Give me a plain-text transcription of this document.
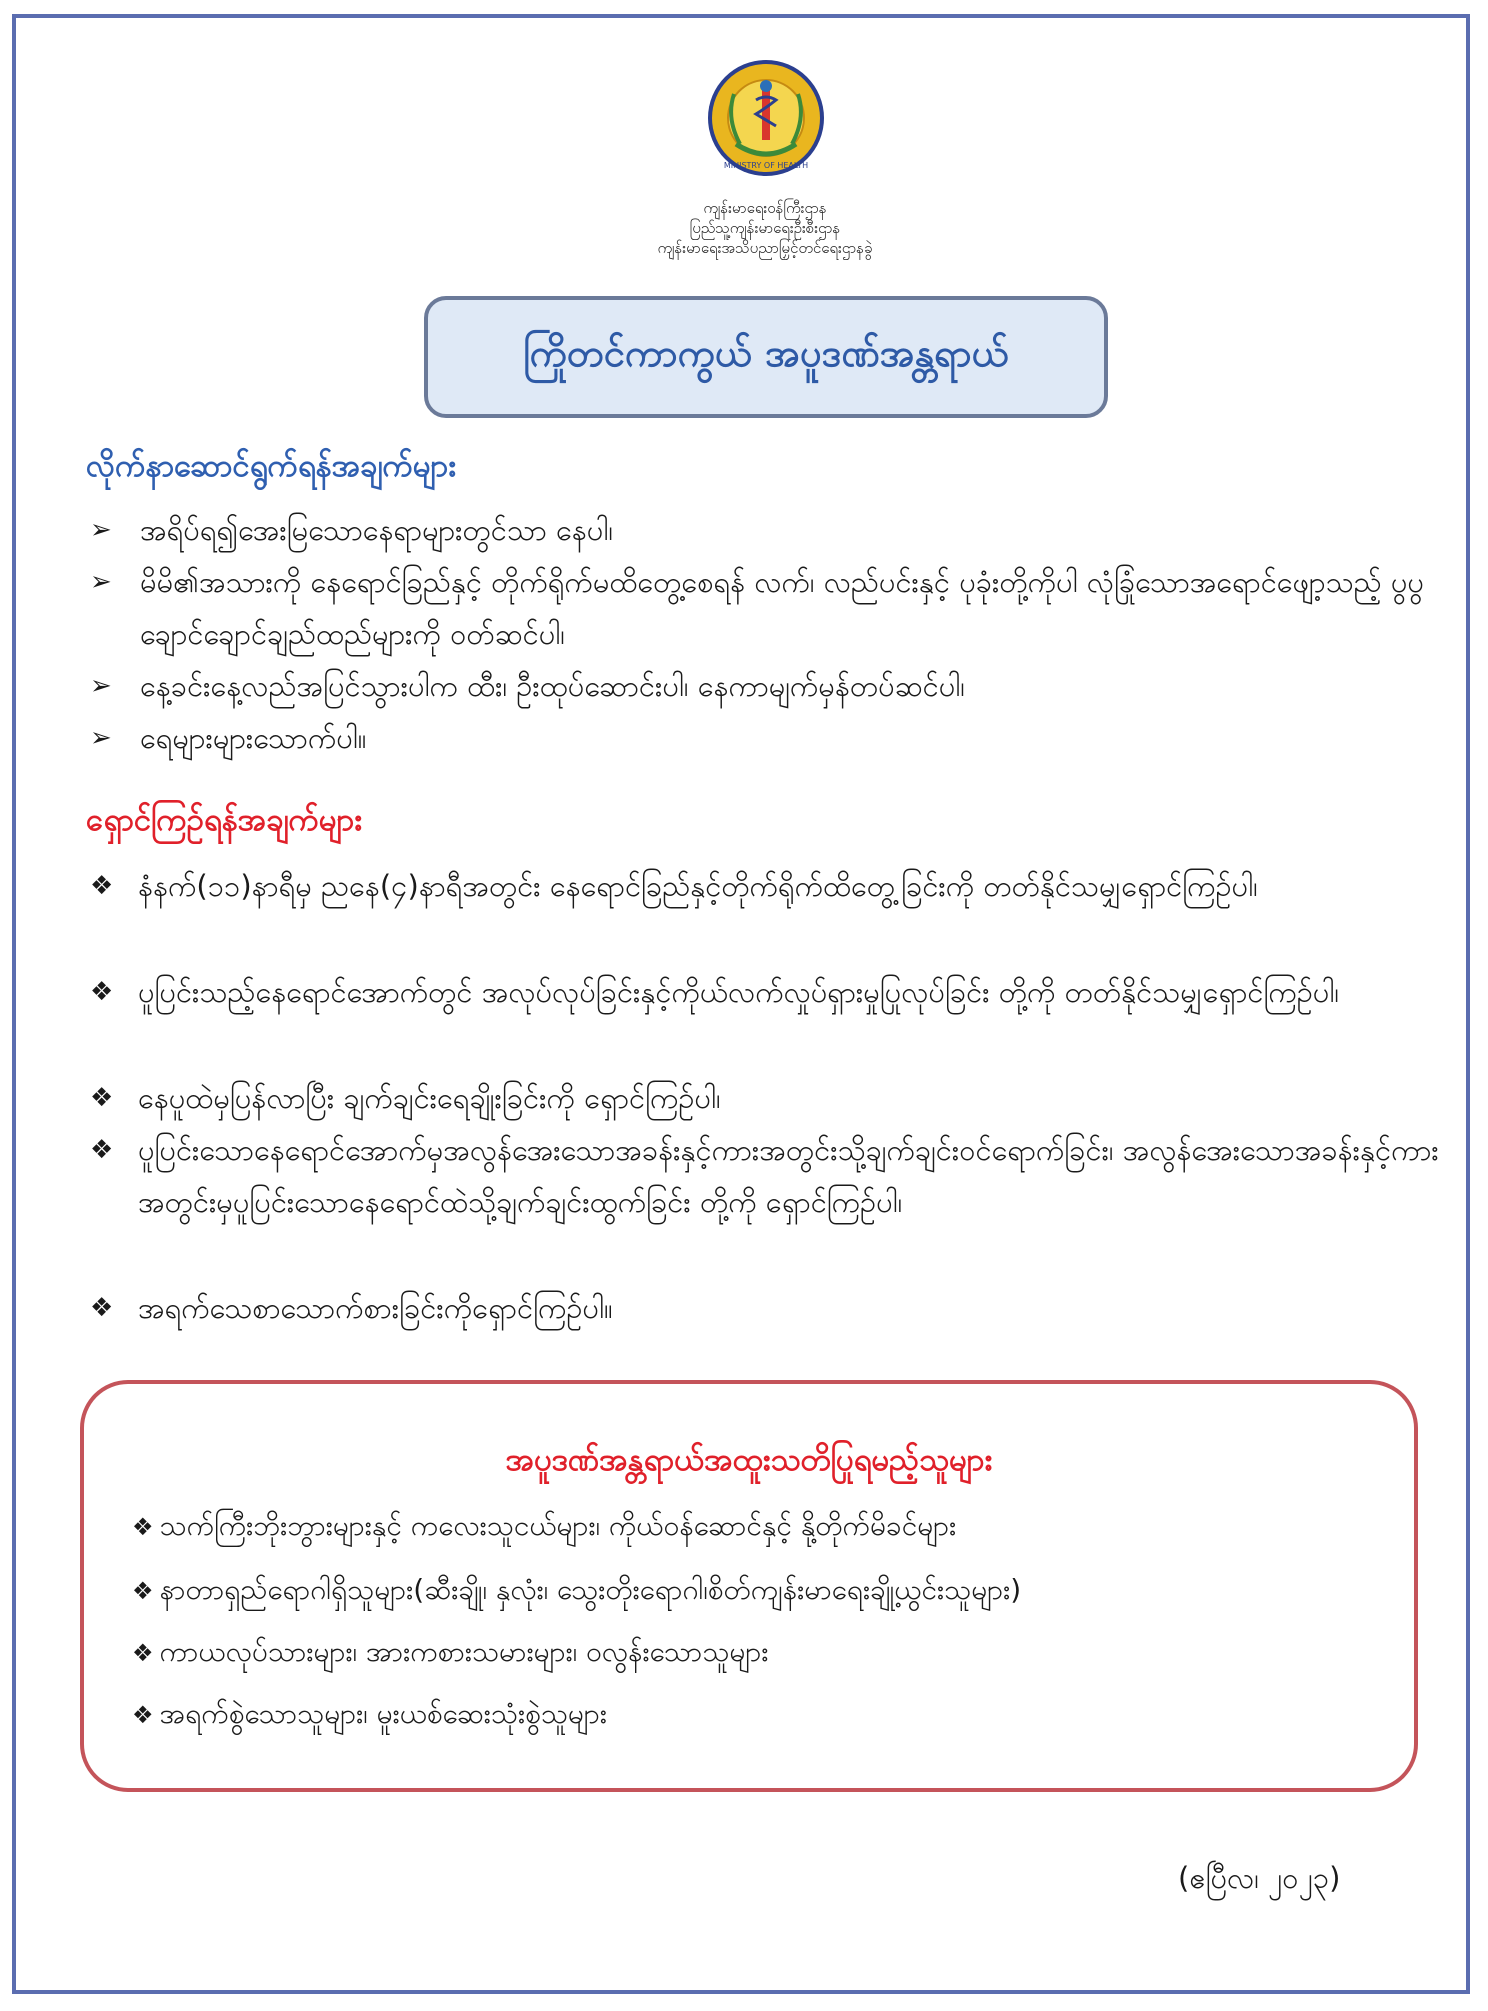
MINISTRY OF HEALTH
ကျန်းမာရေးဝန်ကြီးဌာန
ပြည်သူ့ကျန်းမာရေးဦးစီးဌာန
ကျန်းမာရေးအသိပညာမြှင့်တင်ရေးဌာနခွဲ
ကြိုတင်ကာကွယ် အပူဒဏ်အန္တရာယ်
လိုက်နာဆောင်ရွက်ရန်အချက်များ
➢ အရိပ်ရ၍အေးမြသောနေရာများတွင်သာ နေပါ၊
➢ မိမိ၏အသားကို နေရောင်ခြည်နှင့် တိုက်ရိုက်မထိတွေ့စေရန် လက်၊ လည်ပင်းနှင့် ပုခုံးတို့ကိုပါ လုံခြုံသောအရောင်ဖျော့သည့် ပွပွချောင်ချောင်ချည်ထည်များကို ဝတ်ဆင်ပါ၊
➢ နေ့ခင်းနေ့လည်အပြင်သွားပါက ထီး၊ ဦးထုပ်ဆောင်းပါ၊ နေကာမျက်မှန်တပ်ဆင်ပါ၊
➢ ရေများများသောက်ပါ။
ရှောင်ကြဉ်ရန်အချက်များ
❖ နံနက်(၁၁)နာရီမှ ညနေ(၄)နာရီအတွင်း နေရောင်ခြည်နှင့်တိုက်ရိုက်ထိတွေ့ခြင်းကို တတ်နိုင်သမျှရှောင်ကြဉ်ပါ၊
❖ ပူပြင်းသည့်နေရောင်အောက်တွင် အလုပ်လုပ်ခြင်းနှင့်ကိုယ်လက်လှုပ်ရှားမှုပြုလုပ်ခြင်း တို့ကို တတ်နိုင်သမျှရှောင်ကြဉ်ပါ၊
❖ နေပူထဲမှပြန်လာပြီး ချက်ချင်းရေချိုးခြင်းကို ရှောင်ကြဉ်ပါ၊
❖ ပူပြင်းသောနေရောင်အောက်မှအလွန်အေးသောအခန်းနှင့်ကားအတွင်းသို့ချက်ချင်းဝင်ရောက်ခြင်း၊ အလွန်အေးသောအခန်းနှင့်ကားအတွင်းမှပူပြင်းသောနေရောင်ထဲသို့ချက်ချင်းထွက်ခြင်း တို့ကို ရှောင်ကြဉ်ပါ၊
❖ အရက်သေစာသောက်စားခြင်းကိုရှောင်ကြဉ်ပါ။
အပူဒဏ်အန္တရာယ်အထူးသတိပြုရမည့်သူများ
❖ သက်ကြီးဘိုးဘွားများနှင့် ကလေးသူငယ်များ၊ ကိုယ်ဝန်ဆောင်နှင့် နို့တိုက်မိခင်များ
❖ နာတာရှည်ရောဂါရှိသူများ(ဆီးချို၊ နှလုံး၊ သွေးတိုးရောဂါ၊စိတ်ကျန်းမာရေးချို့ယွင်းသူများ)
❖ ကာယလုပ်သားများ၊ အားကစားသမားများ၊ ဝလွန်းသောသူများ
❖ အရက်စွဲသောသူများ၊ မူးယစ်ဆေးသုံးစွဲသူများ
(ဧပြီလ၊ ၂၀၂၃)
